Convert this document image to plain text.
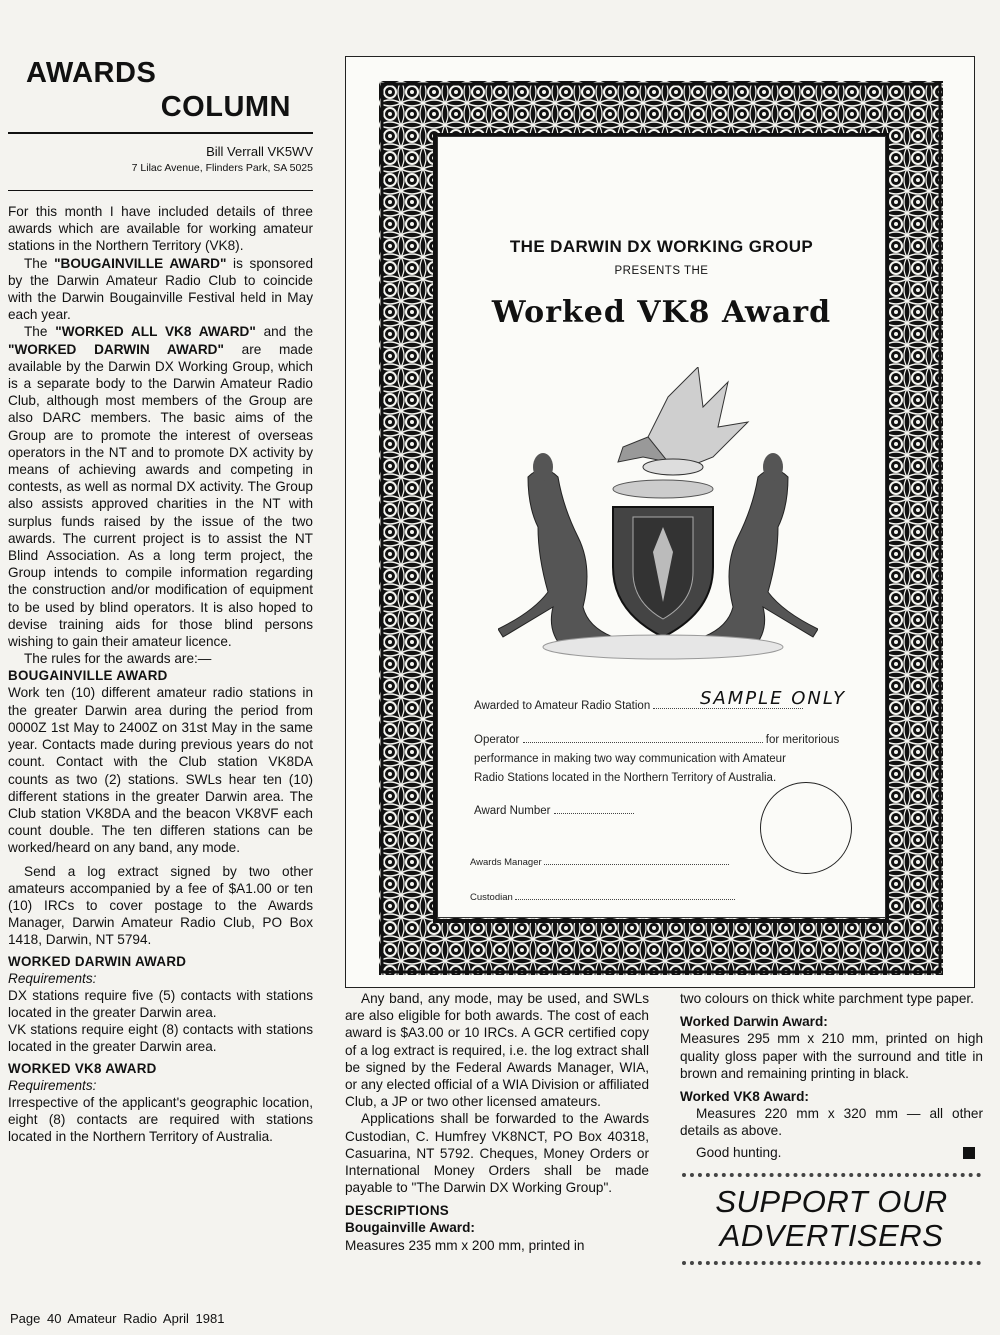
AWARDS
COLUMN
Bill Verrall VK5WV
7 Lilac Avenue, Flinders Park, SA 5025

For this month I have included details of three awards which are available for working amateur stations in the Northern Territory (VK8).

The "BOUGAINVILLE AWARD" is sponsored by the Darwin Amateur Radio Club to coincide with the Darwin Bougainville Festival held in May each year.

The "WORKED ALL VK8 AWARD" and the "WORKED DARWIN AWARD" are made available by the Darwin DX Working Group, which is a separate body to the Darwin Amateur Radio Club, although most members of the Group are also DARC members. The basic aims of the Group are to promote the interest of overseas operators in the NT and to promote DX activity by means of achieving awards and competing in contests, as well as normal DX activity. The Group also assists approved charities in the NT with surplus funds raised by the issue of the two awards. The current project is to assist the NT Blind Association. As a long term project, the Group intends to compile information regarding the construction and/or modification of equipment to be used by blind operators. It is also hoped to devise training aids for those blind persons wishing to gain their amateur licence.

The rules for the awards are:—

BOUGAINVILLE AWARD

Work ten (10) different amateur radio stations in the greater Darwin area during the period from 0000Z 1st May to 2400Z on 31st May in the same year. Contacts made during previous years do not count. Contact with the Club station VK8DA counts as two (2) stations. SWLs hear ten (10) different stations in the greater Darwin area. The Club station VK8DA and the beacon VK8VF each count double. The ten differen stations can be worked/heard on any band, any mode.

Send a log extract signed by two other amateurs accompanied by a fee of $A1.00 or ten (10) IRCs to cover postage to the Awards Manager, Darwin Amateur Radio Club, PO Box 1418, Darwin, NT 5794.

WORKED DARWIN AWARD
Requirements:

DX stations require five (5) contacts with stations located in the greater Darwin area.

VK stations require eight (8) contacts with stations located in the greater Darwin area.

WORKED VK8 AWARD
Requirements:

Irrespective of the applicant's geographic location, eight (8) contacts are required with stations located in the Northern Territory of Australia.

THE DARWIN DX WORKING GROUP
PRESENTS THE
Worked VK8 Award
Awarded to Amateur Radio Station	SAMPLE ONLY
Operator	for meritorious
performance in making two way communication with Amateur
Radio Stations located in the Northern Territory of Australia.
Award Number
Awards Manager
Custodian

Any band, any mode, may be used, and SWLs are also eligible for both awards. The cost of each award is $A3.00 or 10 IRCs. A GCR certified copy of a log extract is required, i.e. the log extract shall be signed by the Federal Awards Manager, WIA, or any elected official of a WIA Division or affiliated Club, a JP or two other licensed amateurs.

Applications shall be forwarded to the Awards Custodian, C. Humfrey VK8NCT, PO Box 40318, Casuarina, NT 5792. Cheques, Money Orders or International Money Orders shall be made payable to "The Darwin DX Working Group".

DESCRIPTIONS
Bougainville Award:

Measures 235 mm x 200 mm, printed in

two colours on thick white parchment type paper.

Worked Darwin Award:

Measures 295 mm x 210 mm, printed on high quality gloss paper with the surround and title in brown and remaining printing in black.

Worked VK8 Award:

Measures 220 mm x 320 mm — all other details as above.

Good hunting.

SUPPORT OUR
ADVERTISERS
Page 40 Amateur Radio April 1981
